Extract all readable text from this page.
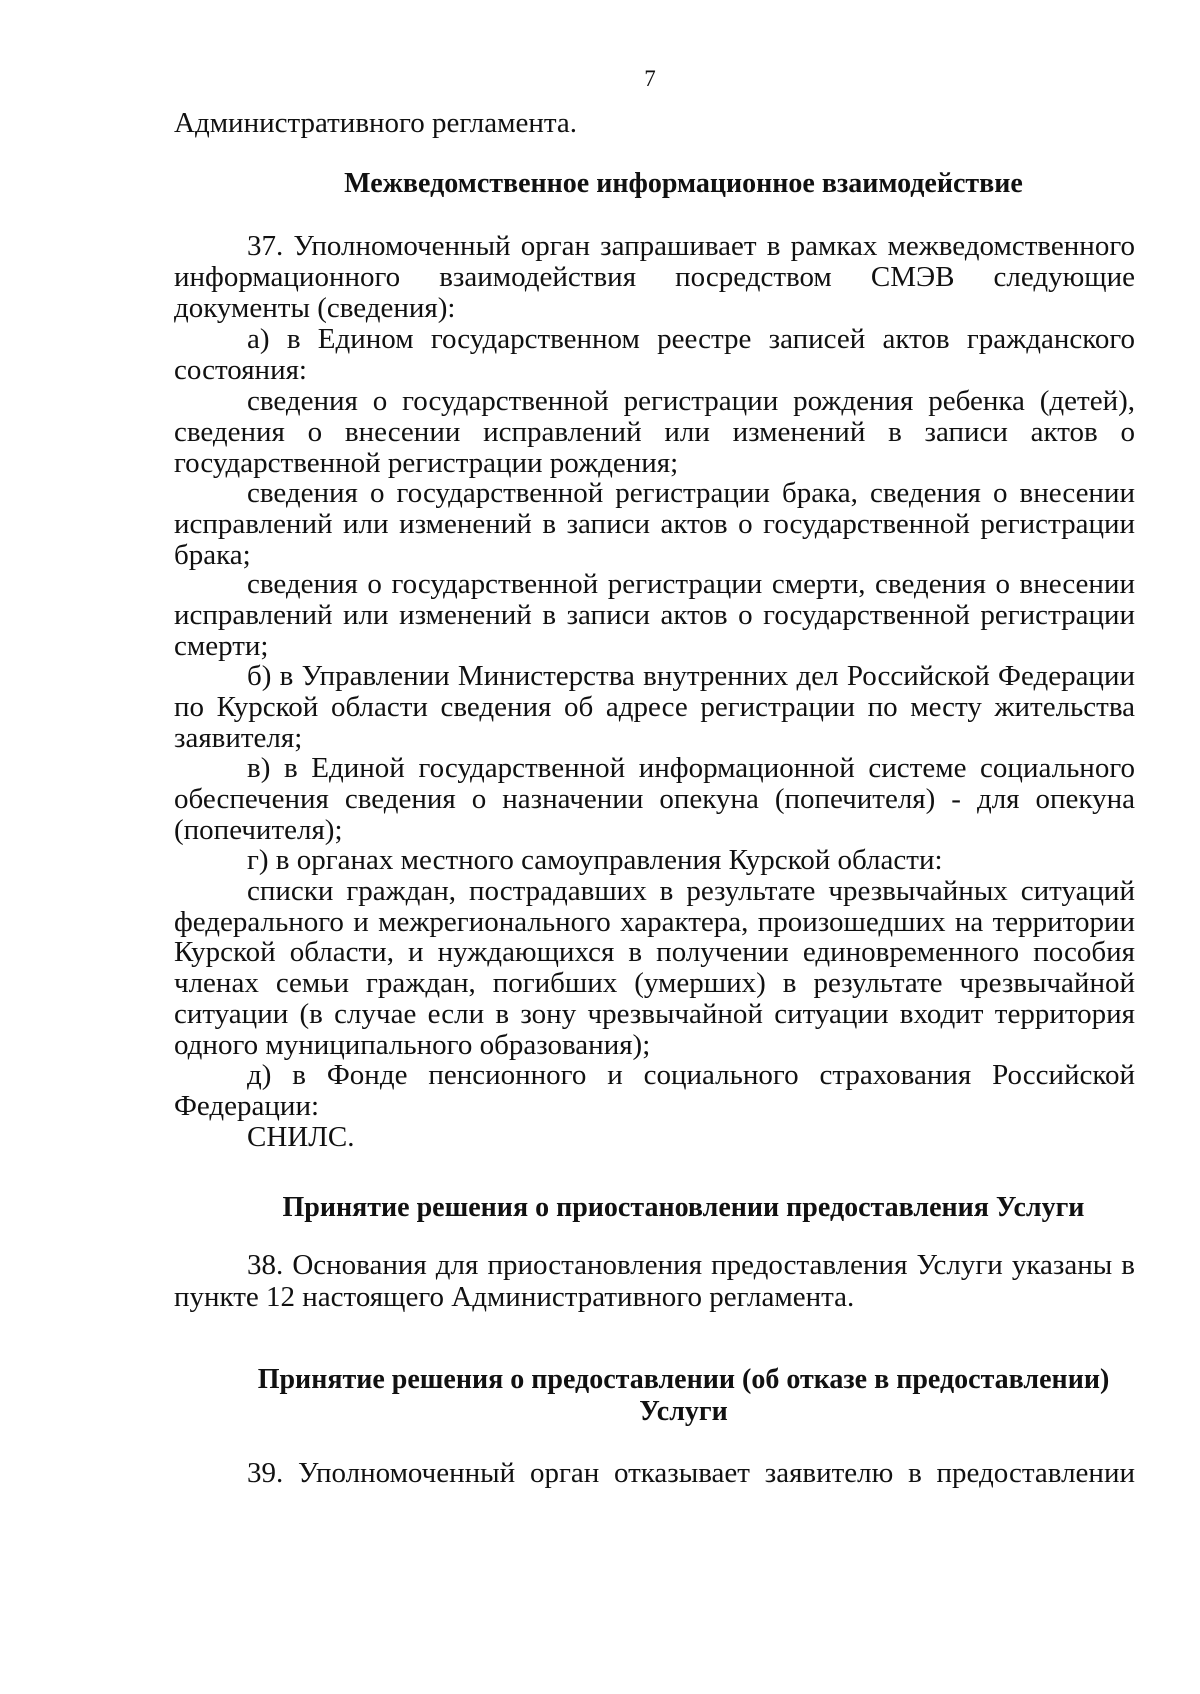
7
Административного регламента.
Межведомственное информационное взаимодействие
37. Уполномоченный орган запрашивает в рамках межведомственного
информационного взаимодействия посредством СМЭВ следующие
документы (сведения):
а) в Едином государственном реестре записей актов гражданского
состояния:
сведения о государственной регистрации рождения ребенка (детей),
сведения о внесении исправлений или изменений в записи актов о
государственной регистрации рождения;
сведения о государственной регистрации брака, сведения о внесении
исправлений или изменений в записи актов о государственной регистрации
брака;
сведения о государственной регистрации смерти, сведения о внесении
исправлений или изменений в записи актов о государственной регистрации
смерти;
б) в Управлении Министерства внутренних дел Российской Федерации
по Курской области сведения об адресе регистрации по месту жительства
заявителя;
в) в Единой государственной информационной системе социального
обеспечения сведения о назначении опекуна (попечителя) - для опекуна
(попечителя);
г) в органах местного самоуправления Курской области:
списки граждан, пострадавших в результате чрезвычайных ситуаций
федерального и межрегионального характера, произошедших на территории
Курской области, и нуждающихся в получении единовременного пособия
членах семьи граждан, погибших (умерших) в результате чрезвычайной
ситуации (в случае если в зону чрезвычайной ситуации входит территория
одного муниципального образования);
д) в Фонде пенсионного и социального страхования Российской
Федерации:
СНИЛС.
Принятие решения о приостановлении предоставления Услуги
38. Основания для приостановления предоставления Услуги указаны в
пункте 12 настоящего Административного регламента.
Принятие решения о предоставлении (об отказе в предоставлении)
Услуги
39. Уполномоченный орган отказывает заявителю в предоставлении
